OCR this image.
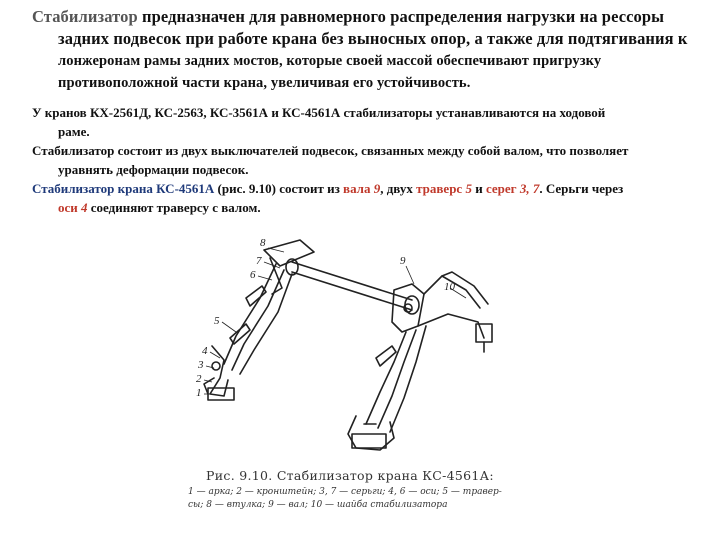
Стабилизатор предназначен для равномерного распределения нагрузки на рессоры
задних подвесок при работе крана без выносных опор, а также для подтягивания к
лонжеронам рамы задних мостов, которые своей массой обеспечивают пригрузку
противоположной части крана, увеличивая его устойчивость.
У кранов КХ-2561Д, КС-2563, КС-3561А и КС-4561А стабилизаторы устанавливаются на ходовой
раме.
Стабилизатор состоит из двух выключателей подвесок, связанных между собой валом, что позволяет
уравнять деформации подвесок.
Стабилизатор крана КС-4561А (рис. 9.10) состоит из вала 9, двух траверс 5 и серег 3, 7. Серьги через
оси 4 соединяют траверсу с валом.
8
7
6
9
10
5
4
3
2
1
Рис. 9.10. Стабилизатор крана КС-4561А:
1 — арка; 2 — кронштейн; 3, 7 — серьги; 4, 6 — оси; 5 — травер-
сы; 8 — втулка; 9 — вал; 10 — шайба стабилизатора
